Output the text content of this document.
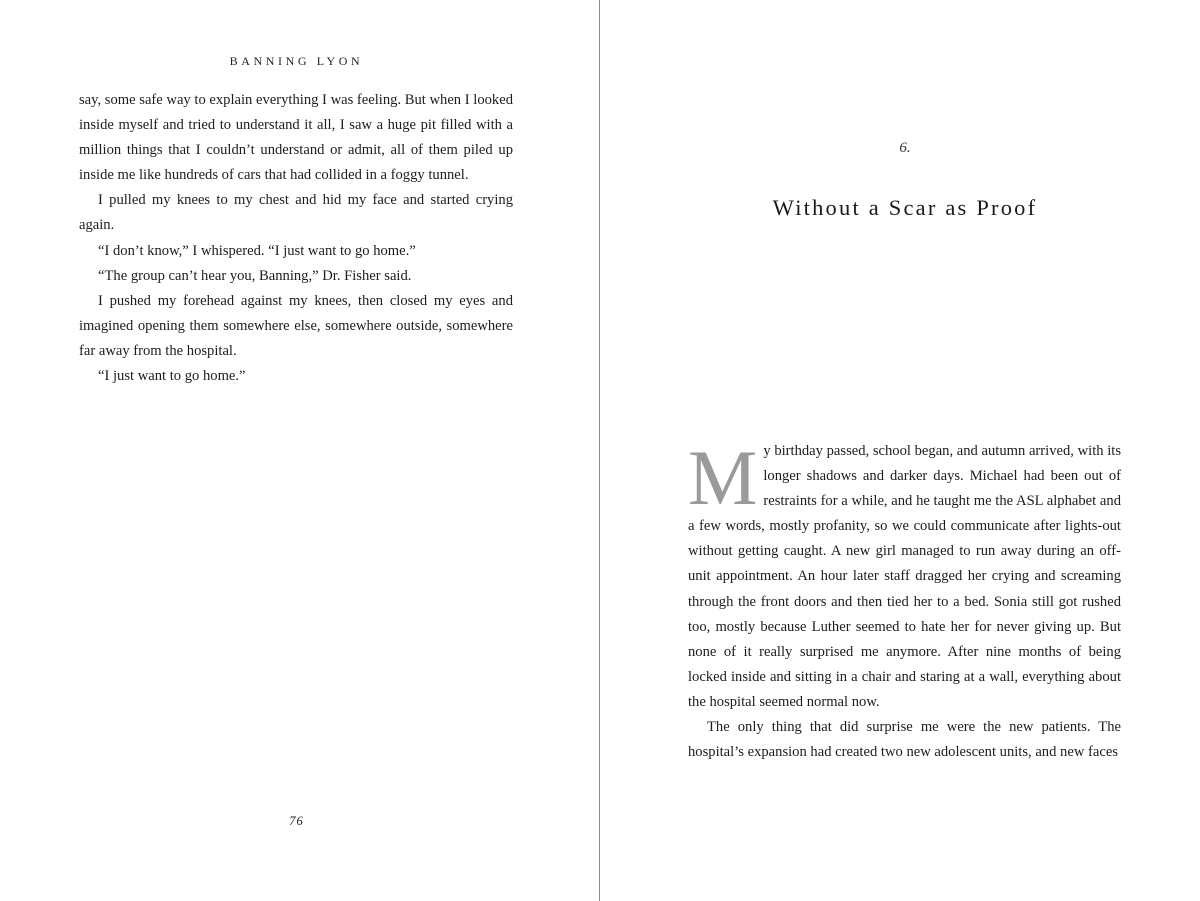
BANNING LYON

say, some safe way to explain everything I was feeling. But when I looked inside myself and tried to understand it all, I saw a huge pit filled with a million things that I couldn’t understand or admit, all of them piled up inside me like hundreds of cars that had collided in a foggy tunnel.

I pulled my knees to my chest and hid my face and started crying again.

“I don’t know,” I whispered. “I just want to go home.”

“The group can’t hear you, Banning,” Dr. Fisher said.

I pushed my forehead against my knees, then closed my eyes and imagined opening them somewhere else, somewhere outside, somewhere far away from the hospital.

“I just want to go home.”

76
6.
Without a Scar as Proof
M y birthday passed, school began, and autumn arrived, with its longer shadows and darker days. Michael had been out of restraints for a while, and he taught me the ASL alphabet and a few words, mostly profanity, so we could communicate after lights-out without getting caught. A new girl managed to run away during an off-unit appointment. An hour later staff dragged her crying and screaming through the front doors and then tied her to a bed. Sonia still got rushed too, mostly because Luther seemed to hate her for never giving up. But none of it really surprised me anymore. After nine months of being locked inside and sitting in a chair and staring at a wall, everything about the hospital seemed normal now.

The only thing that did surprise me were the new patients. The hospital’s expansion had created two new adolescent units, and new faces
